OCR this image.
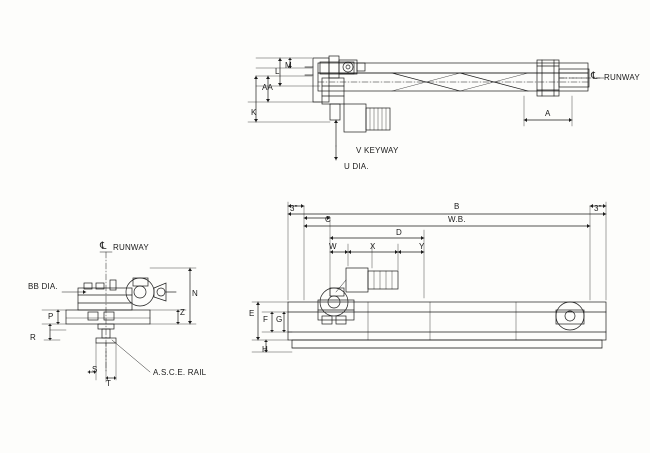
M
L
AA
K	A
℄ RUNWAY
V KEYWAY
U DIA.
℄ RUNWAY
BB DIA.
P
R
S
T
N
Z
A.S.C.E. RAIL
3"	3"
B
C	W.B.
D
W	X	Y
E
F G
H
